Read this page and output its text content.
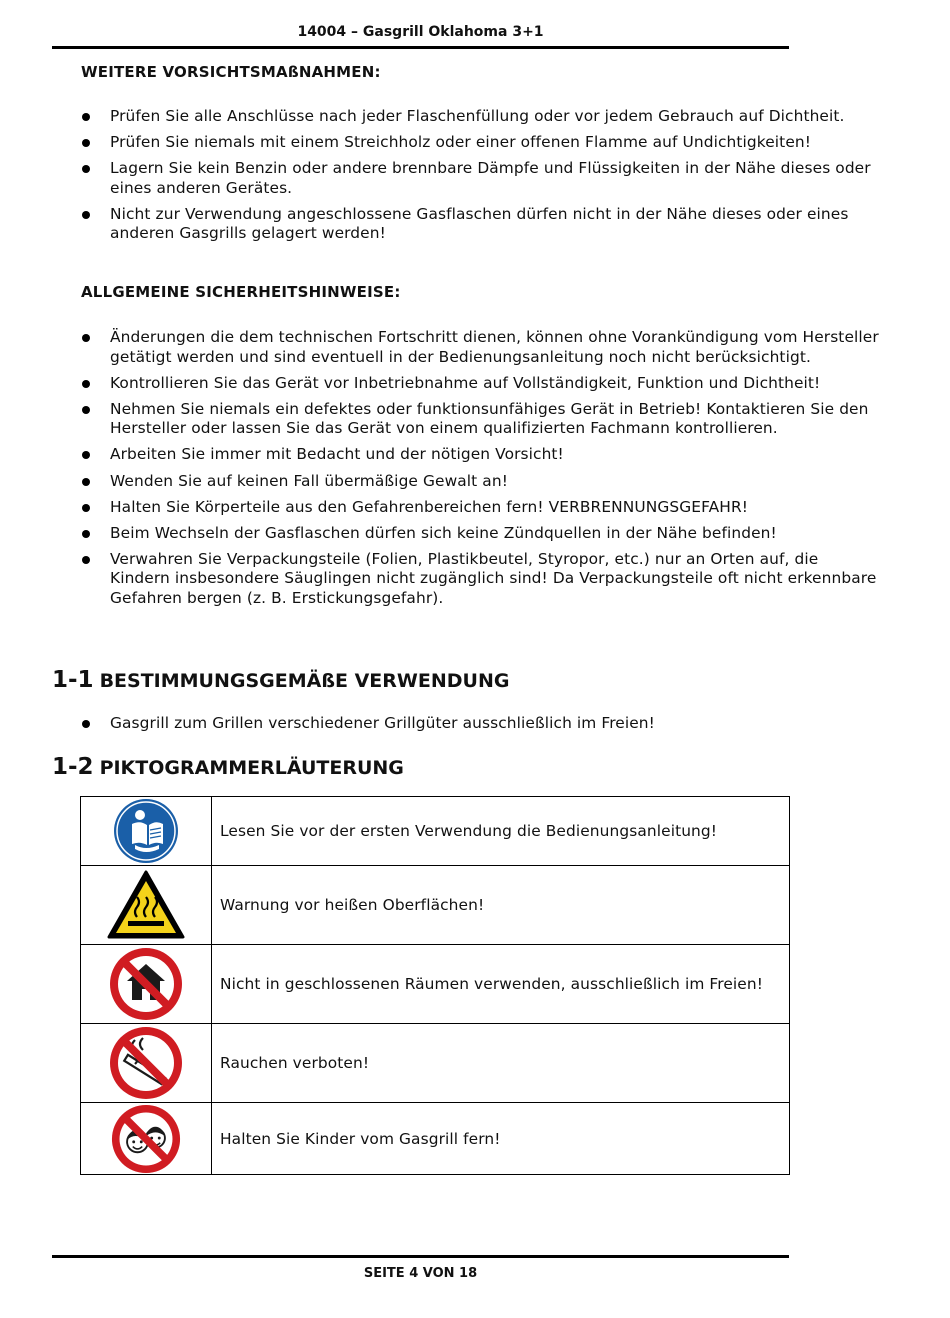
14004 – Gasgrill Oklahoma 3+1
WEITERE VORSICHTSMAßNAHMEN:
Prüfen Sie alle Anschlüsse nach jeder Flaschenfüllung oder vor jedem Gebrauch auf Dichtheit.
Prüfen Sie niemals mit einem Streichholz oder einer offenen Flamme auf Undichtigkeiten!
Lagern Sie kein Benzin oder andere brennbare Dämpfe und Flüssigkeiten in der Nähe dieses oder eines anderen Gerätes.
Nicht zur Verwendung angeschlossene Gasflaschen dürfen nicht in der Nähe dieses oder eines anderen Gasgrills gelagert werden!
ALLGEMEINE SICHERHEITSHINWEISE:
Änderungen die dem technischen Fortschritt dienen, können ohne Vorankündigung vom Hersteller getätigt werden und sind eventuell in der Bedienungsanleitung noch nicht berücksichtigt.
Kontrollieren Sie das Gerät vor Inbetriebnahme auf Vollständigkeit, Funktion und Dichtheit!
Nehmen Sie niemals ein defektes oder funktionsunfähiges Gerät in Betrieb! Kontaktieren Sie den Hersteller oder lassen Sie das Gerät von einem qualifizierten Fachmann kontrollieren.
Arbeiten Sie immer mit Bedacht und der nötigen Vorsicht!
Wenden Sie auf keinen Fall übermäßige Gewalt an!
Halten Sie Körperteile aus den Gefahrenbereichen fern! VERBRENNUNGSGEFAHR!
Beim Wechseln der Gasflaschen dürfen sich keine Zündquellen in der Nähe befinden!
Verwahren Sie Verpackungsteile (Folien, Plastikbeutel, Styropor, etc.) nur an Orten auf, die Kindern insbesondere Säuglingen nicht zugänglich sind! Da Verpackungsteile oft nicht erkennbare Gefahren bergen (z. B. Erstickungsgefahr).
1-1 BESTIMMUNGSGEMÄßE VERWENDUNG
Gasgrill zum Grillen verschiedener Grillgüter ausschließlich im Freien!
1-2 PIKTOGRAMMERLÄUTERUNG
	Lesen Sie vor der ersten Verwendung die Bedienungsanleitung!

	Warnung vor heißen Oberflächen!

	Nicht in geschlossenen Räumen verwenden, ausschließlich im Freien!

	Rauchen verboten!

	Halten Sie Kinder vom Gasgrill fern!
SEITE 4 VON 18
